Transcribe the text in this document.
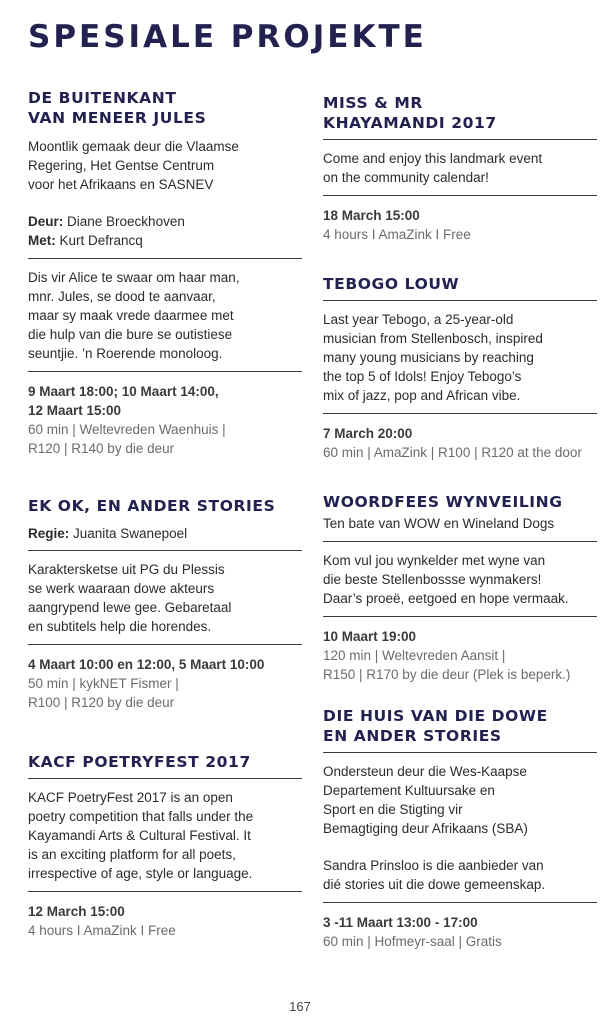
SPESIALE PROJEKTE
DE BUITENKANT
VAN MENEER JULES

Moontlik gemaak deur die Vlaamse
Regering, Het Gentse Centrum
voor het Afrikaans en SASNEV

Deur: Diane Broeckhoven

Met: Kurt Defrancq

Dis vir Alice te swaar om haar man,
mnr. Jules, se dood te aanvaar,
maar sy maak vrede daarmee met
die hulp van die bure se outistiese
seuntjie. ’n Roerende monoloog.

9 Maart 18:00; 10 Maart 14:00,
12 Maart 15:00

60 min | Weltevreden Waenhuis |
R120 | R140 by die deur

EK OK, EN ANDER STORIES

Regie: Juanita Swanepoel

Karaktersketse uit PG du Plessis
se werk waaraan dowe akteurs
aangrypend lewe gee. Gebaretaal
en subtitels help die horendes.

4 Maart 10:00 en 12:00, 5 Maart 10:00

50 min | kykNET Fismer |
R100 | R120 by die deur

KACF POETRYFEST 2017

KACF PoetryFest 2017 is an open
poetry competition that falls under the
Kayamandi Arts & Cultural Festival. It
is an exciting platform for all poets,
irrespective of age, style or language.

12 March 15:00

4 hours I AmaZink I Free

MISS & MR
KHAYAMANDI 2017

Come and enjoy this landmark event
on the community calendar!

18 March 15:00

4 hours I AmaZink I Free

TEBOGO LOUW

Last year Tebogo, a 25-year-old
musician from Stellenbosch, inspired
many young musicians by reaching
the top 5 of Idols! Enjoy Tebogo’s
mix of jazz, pop and African vibe.

7 March 20:00

60 min | AmaZink | R100 | R120 at the door

WOORDFEES WYNVEILING

Ten bate van WOW en Wineland Dogs

Kom vul jou wynkelder met wyne van
die beste Stellenbossse wynmakers!
Daar’s proeë, eetgoed en hope vermaak.

10 Maart 19:00

120 min | Weltevreden Aansit |
R150 | R170 by die deur (Plek is beperk.)

DIE HUIS VAN DIE DOWE
EN ANDER STORIES

Ondersteun deur die Wes-Kaapse
Departement Kultuursake en
Sport en die Stigting vir
Bemagtiging deur Afrikaans (SBA)

Sandra Prinsloo is die aanbieder van
dié stories uit die dowe gemeenskap.

3 -11 Maart 13:00 - 17:00

60 min | Hofmeyr-saal | Gratis

167
